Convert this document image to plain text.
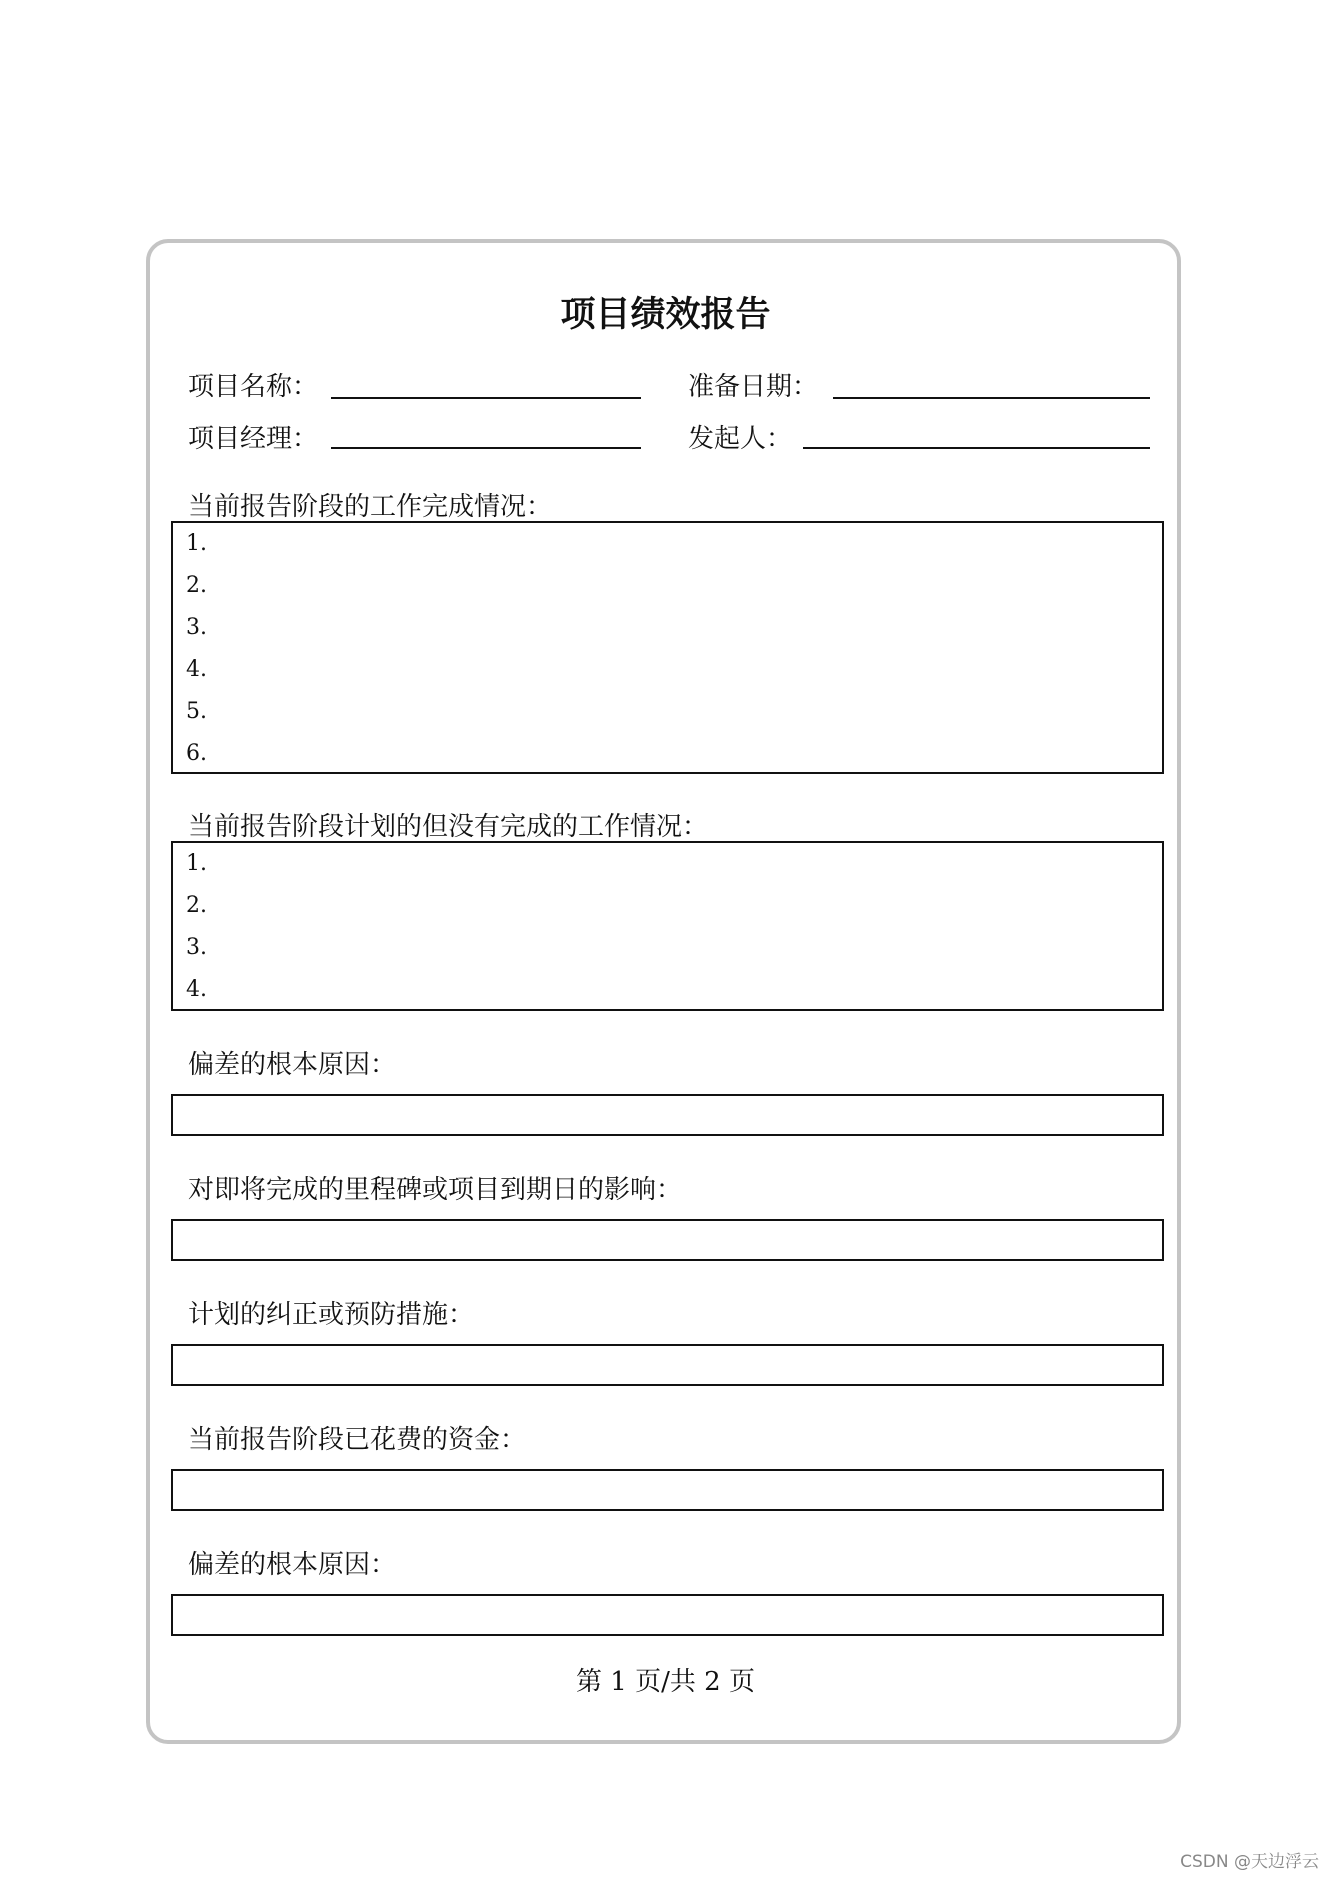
项目绩效报告
项目名称：	准备日期：
项目经理：	发起人：
当前报告阶段的工作完成情况：
1.
2.
3.
4.
5.
6.
当前报告阶段计划的但没有完成的工作情况：
1.
2.
3.
4.
偏差的根本原因：
对即将完成的里程碑或项目到期日的影响：
计划的纠正或预防措施：
当前报告阶段已花费的资金：
偏差的根本原因：
第 1 页/共 2 页
CSDN @天边浮云
